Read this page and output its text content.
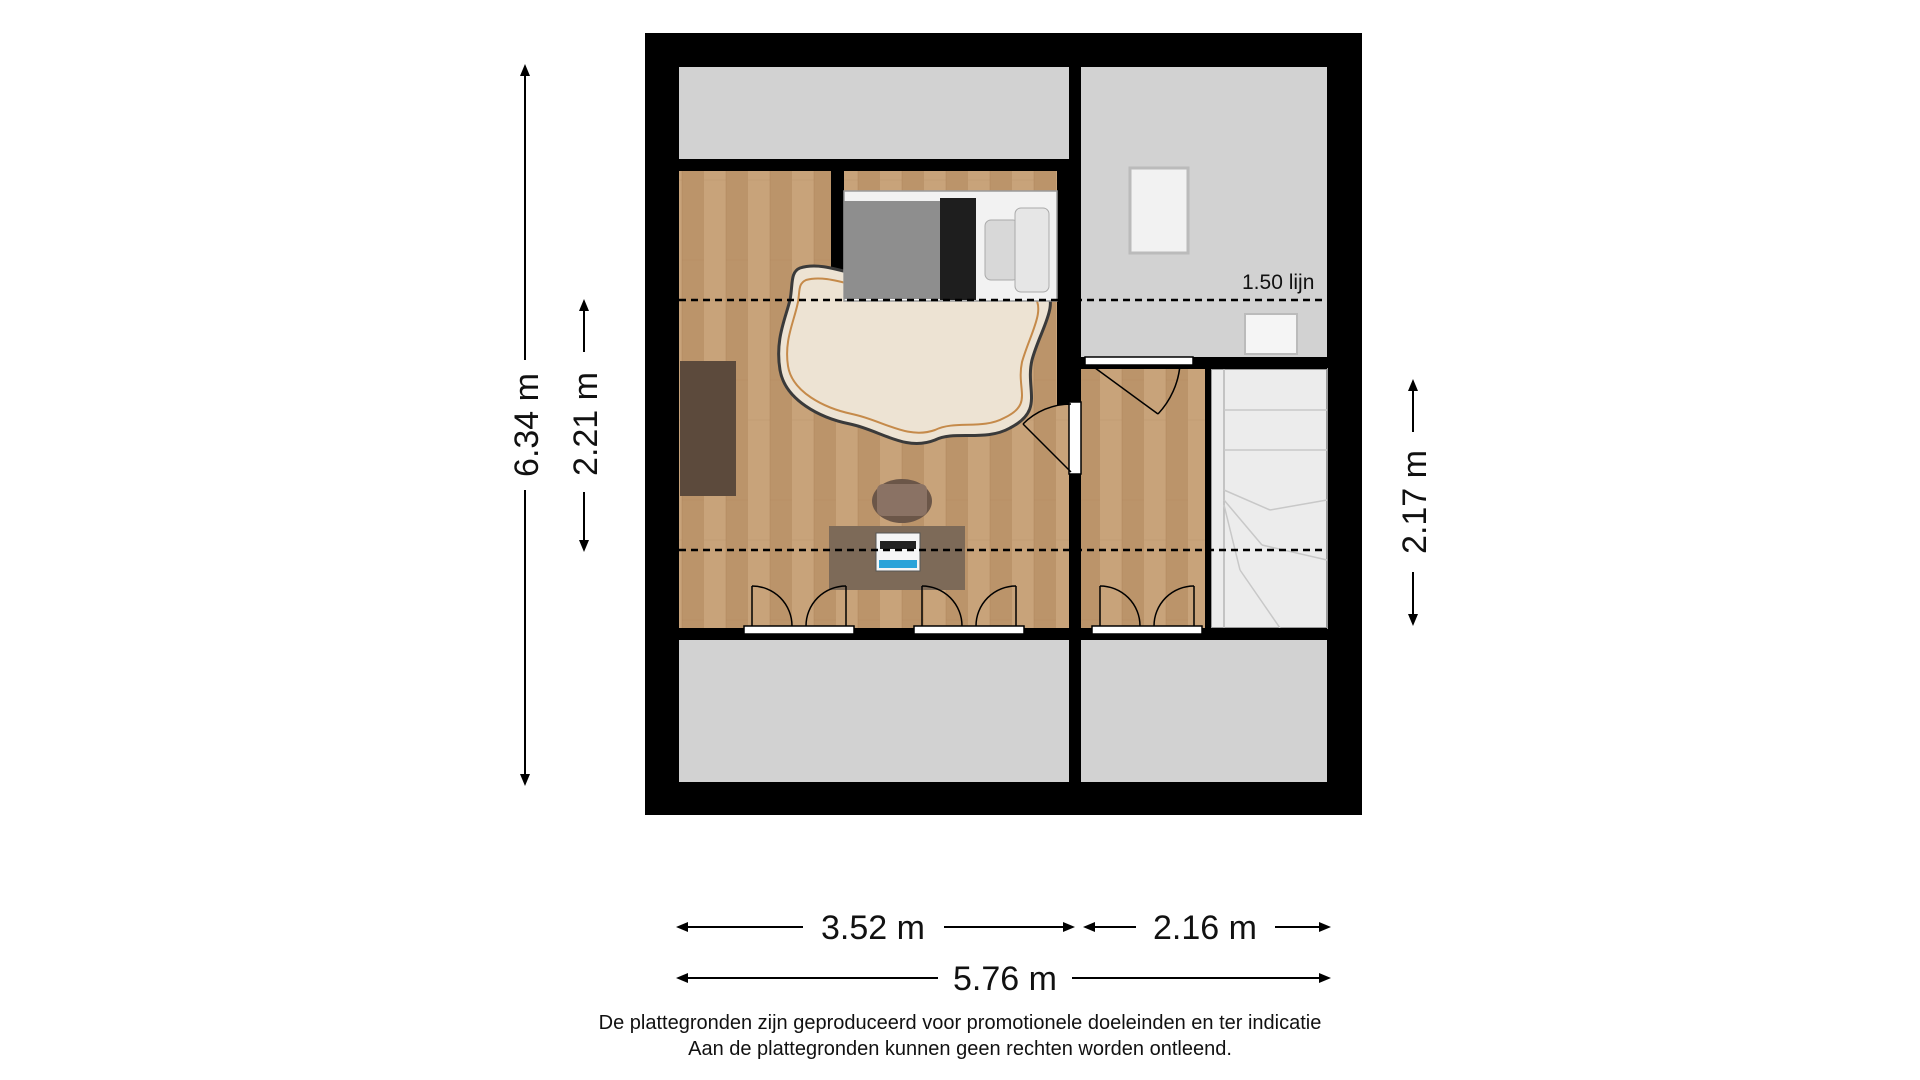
1.50 lijn
6.34 m 2.21 m
2.17 m
3.52 m	2.16 m
5.76 m
De plattegronden zijn geproduceerd voor promotionele doeleinden en ter indicatie
Aan de plattegronden kunnen geen rechten worden ontleend.
